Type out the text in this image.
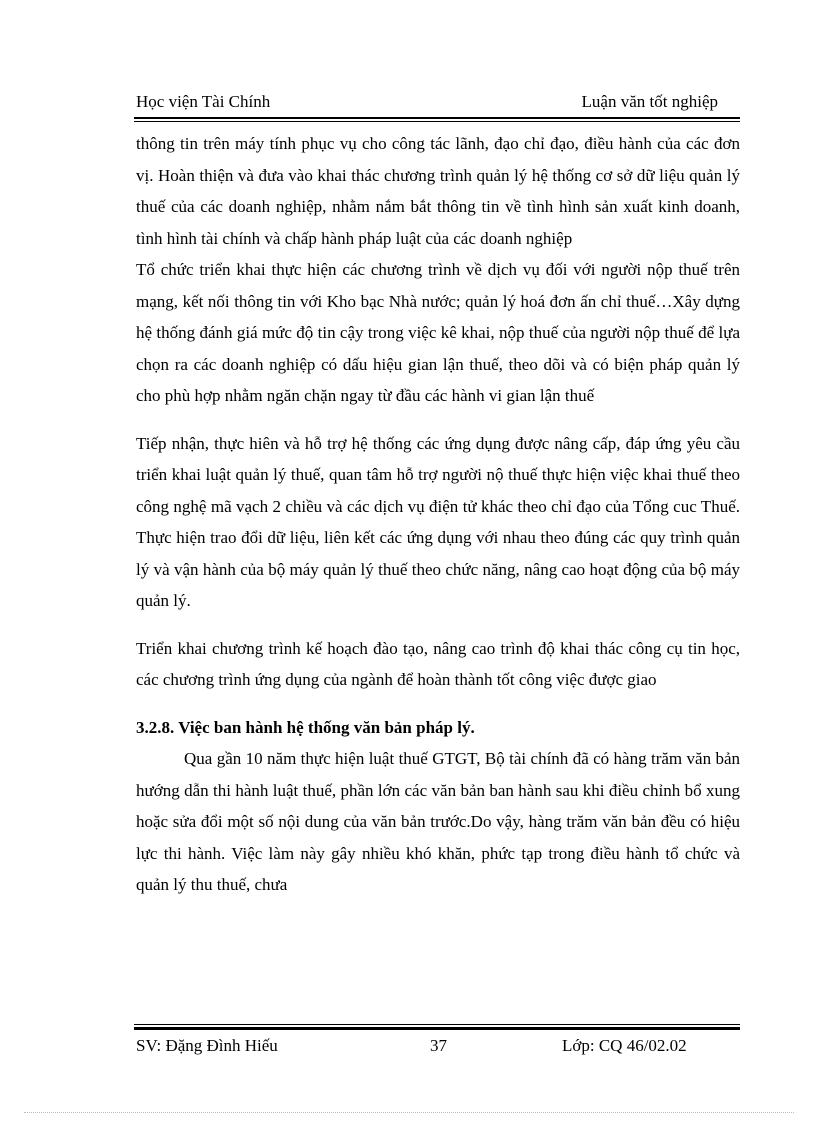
Học viện Tài Chính	Luận văn tốt nghiệp

thông tin trên máy tính phục vụ cho công tác lãnh, đạo chỉ đạo, điều hành của các đơn vị. Hoàn thiện và đưa vào khai thác chương trình quản lý hệ thống cơ sở dữ liệu quản lý thuế của các doanh nghiệp, nhằm nắm bắt thông tin về tình hình sản xuất kinh doanh, tình hình tài chính và chấp hành pháp luật của các doanh nghiệp

Tổ chức triển khai thực hiện các chương trình về dịch vụ đối với người nộp thuế trên mạng, kết nối thông tin với Kho bạc Nhà nước; quản lý hoá đơn ấn chỉ thuế…Xây dựng hệ thống đánh giá mức độ tin cậy trong việc kê khai, nộp thuế của người nộp thuế để lựa chọn ra các doanh nghiệp có dấu hiệu gian lận thuế, theo dõi và có biện pháp quản lý cho phù hợp nhằm ngăn chặn ngay từ đầu các hành vi gian lận thuế

Tiếp nhận, thực hiên và hỗ trợ hệ thống các ứng dụng được nâng cấp, đáp ứng yêu cầu triển khai luật quản lý thuế, quan tâm hỗ trợ người nộ thuế thực hiện việc khai thuế theo công nghệ mã vạch 2 chiều và các dịch vụ điện tử khác theo chỉ đạo của Tổng cuc Thuế. Thực hiện trao đổi dữ liệu, liên kết các ứng dụng với nhau theo đúng các quy trình quản lý và vận hành của bộ máy quản lý thuế theo chức năng, nâng cao hoạt động của bộ máy quản lý.

Triển khai chương trình kế hoạch đào tạo, nâng cao trình độ khai thác công cụ tin học, các chương trình ứng dụng của ngành để hoàn thành tốt công việc được giao

3.2.8. Việc ban hành hệ thống văn bản pháp lý.

Qua gần 10 năm thực hiện luật thuế GTGT, Bộ tài chính đã có hàng trăm văn bản hướng dẫn thi hành luật thuế, phần lớn các văn bản ban hành sau khi điều chỉnh bổ xung hoặc sửa đổi một số nội dung của văn bản trước.Do vậy, hàng trăm văn bản đều có hiệu lực thi hành. Việc làm này gây nhiều khó khăn, phức tạp trong điều hành tổ chức và quản lý thu thuế, chưa

SV: Đặng Đình Hiếu	37	Lớp: CQ 46/02.02
